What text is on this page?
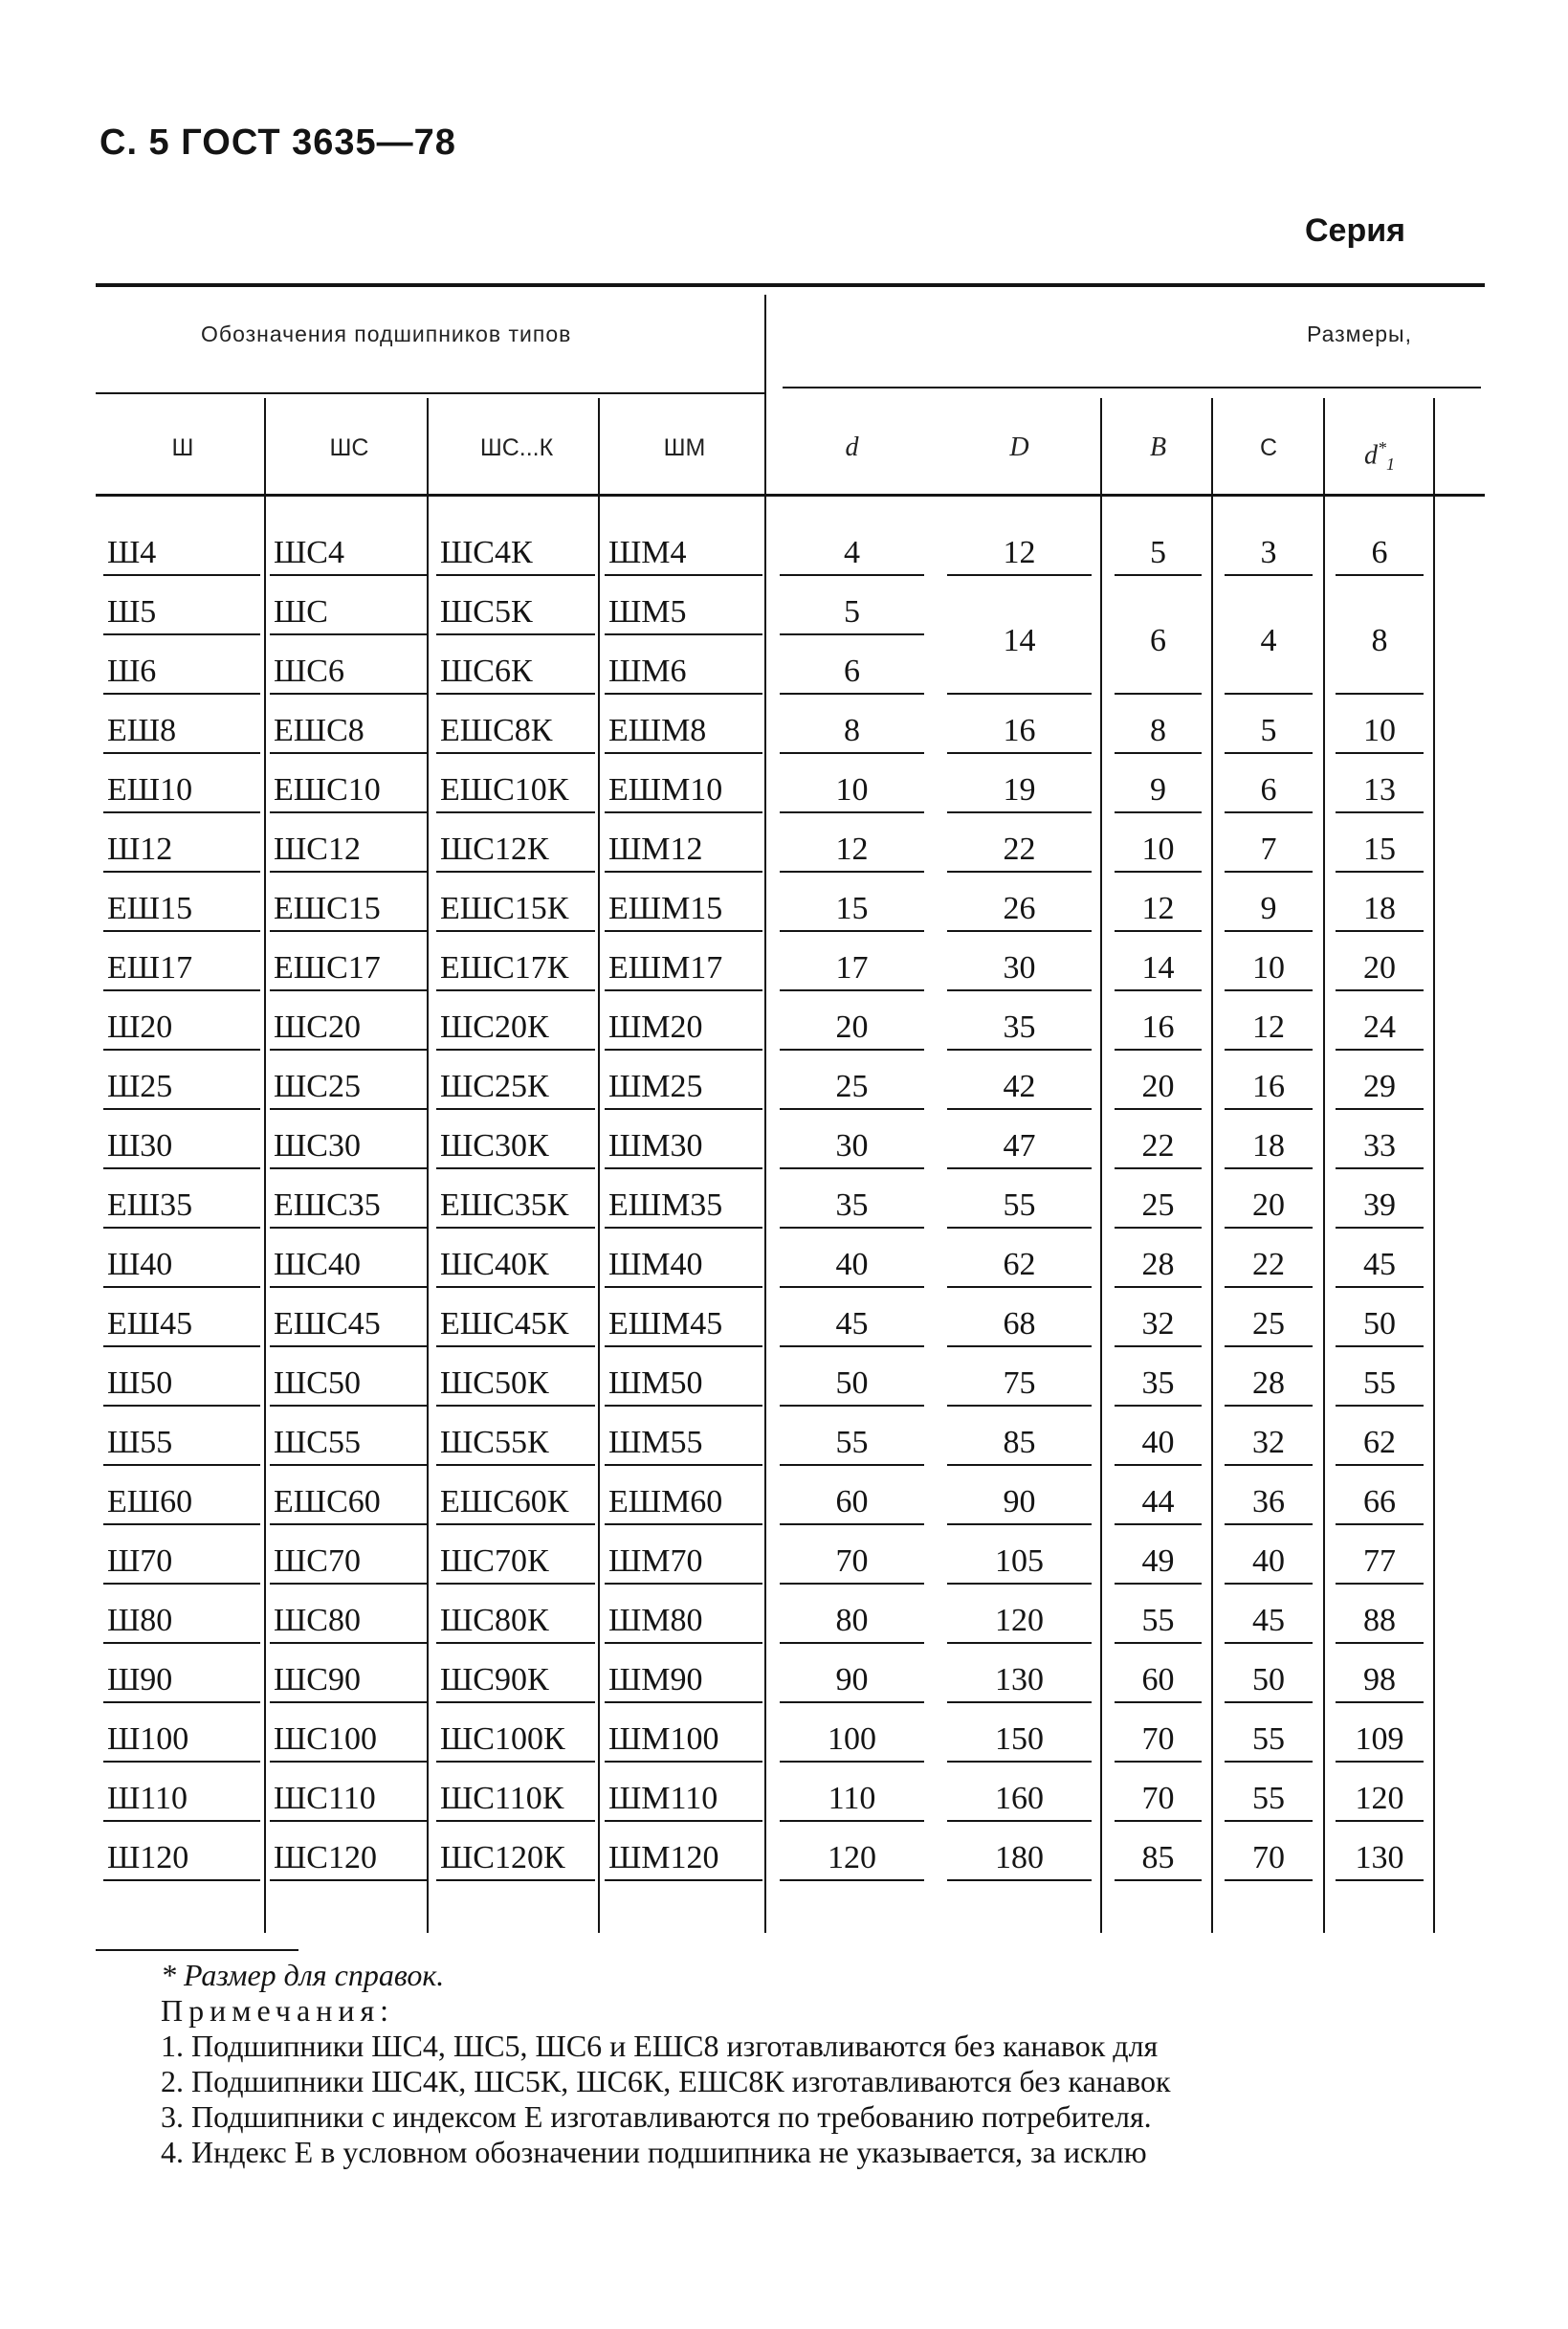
С. 5 ГОСТ 3635—78
Серия
Обозначения подшипников типов	Размеры,
Ш	ШС	ШС...К	ШМ	d	D	B	C	$d^*_1$
Ш4	ШС4	ШС4К	ШМ4	4	12	5	3	6
Ш5	ШС	ШС5К	ШМ5	5
14	6	4	8
Ш6	ШС6	ШС6К	ШМ6	6
ЕШ8	ЕШС8	ЕШС8К	ЕШМ8	8	16	8	5	10
ЕШ10	ЕШС10	ЕШС10К	ЕШМ10	10	19	9	6	13
Ш12	ШС12	ШС12К	ШМ12	12	22	10	7	15
ЕШ15	ЕШС15	ЕШС15К	ЕШМ15	15	26	12	9	18
ЕШ17	ЕШС17	ЕШС17К	ЕШМ17	17	30	14	10	20
Ш20	ШС20	ШС20К	ШМ20	20	35	16	12	24
Ш25	ШС25	ШС25К	ШМ25	25	42	20	16	29
Ш30	ШС30	ШС30К	ШМ30	30	47	22	18	33
ЕШ35	ЕШС35	ЕШС35К	ЕШМ35	35	55	25	20	39
Ш40	ШС40	ШС40К	ШМ40	40	62	28	22	45
ЕШ45	ЕШС45	ЕШС45К	ЕШМ45	45	68	32	25	50
Ш50	ШС50	ШС50К	ШМ50	50	75	35	28	55
Ш55	ШС55	ШС55К	ШМ55	55	85	40	32	62
ЕШ60	ЕШС60	ЕШС60К	ЕШМ60	60	90	44	36	66
Ш70	ШС70	ШС70К	ШМ70	70	105	49	40	77
Ш80	ШС80	ШС80К	ШМ80	80	120	55	45	88
Ш90	ШС90	ШС90К	ШМ90	90	130	60	50	98
Ш100	ШС100	ШС100К	ШМ100	100	150	70	55	109
Ш110	ШС110	ШС110К	ШМ110	110	160	70	55	120
Ш120	ШС120	ШС120К	ШМ120	120	180	85	70	130
* Размер для справок.
Примечания:
1. Подшипники ШС4, ШС5, ШС6 и ЕШС8 изготавливаются без канавок для
2. Подшипники ШС4К, ШС5К, ШС6К, ЕШС8К изготавливаются без канавок
3. Подшипники с индексом Е изготавливаются по требованию потребителя.
4. Индекс Е в условном обозначении подшипника не указывается, за исклю
